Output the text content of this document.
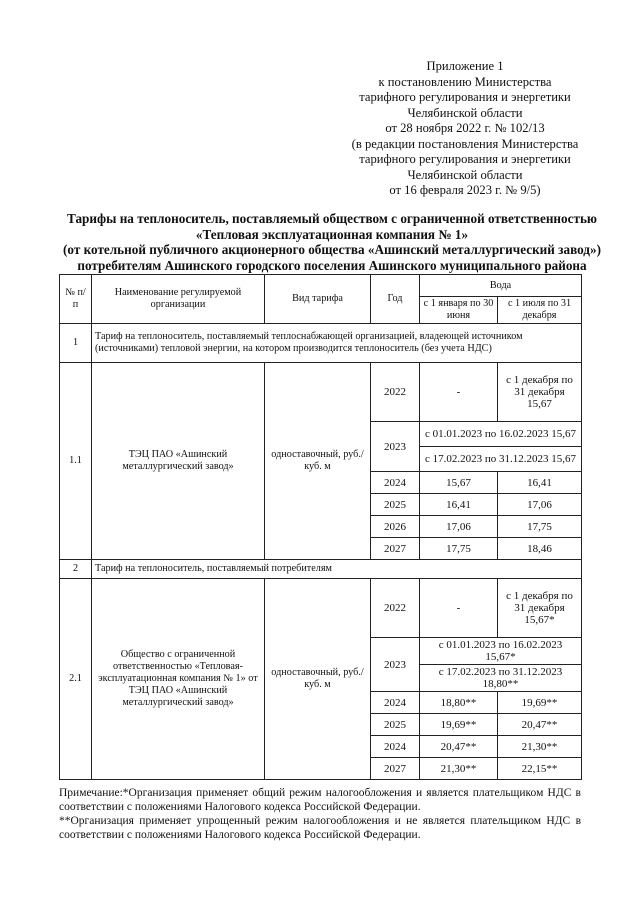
Приложение 1
к постановлению Министерства
тарифного регулирования и энергетики
Челябинской области
от 28 ноября 2022 г. № 102/13
(в редакции постановления Министерства
тарифного регулирования и энергетики
Челябинской области
от 16 февраля 2023 г. № 9/5)
Тарифы на теплоноситель, поставляемый обществом с ограниченной ответственностью
«Тепловая эксплуатационная компания № 1»
(от котельной публичного акционерного общества «Ашинский металлургический завод»)
потребителям Ашинского городского поселения Ашинского муниципального района
№ п/п	Наименование регулируемой организации	Вид тарифа	Год	Вода	
				с 1 января по 30 июня	с 1 июля по 31 декабря
1	Тариф на теплоноситель, поставляемый теплоснабжающей организацией, владеющей источником (источниками) тепловой энергии, на котором производится теплоноситель (без учета НДС)				
1.1	ТЭЦ ПАО «Ашинский металлургический завод»	одноставочный, руб./куб. м	2022	-	с 1 декабря по 31 декабря 15,67
			2023	с 01.01.2023 по 16.02.2023 15,67	
				с 17.02.2023 по 31.12.2023 15,67	
			2024	15,67	16,41
			2025	16,41	17,06
			2026	17,06	17,75
			2027	17,75	18,46
2	Тариф на теплоноситель, поставляемый потребителям				
2.1	Общество с ограниченной ответственностью «Тепловая-эксплуатационная компания № 1» от ТЭЦ ПАО «Ашинский металлургический завод»	одноставочный, руб./куб. м	2022	-	с 1 декабря по 31 декабря 15,67*
			2023	с 01.01.2023 по 16.02.2023 15,67*	
				с 17.02.2023 по 31.12.2023 18,80**	
			2024	18,80**	19,69**
			2025	19,69**	20,47**
			2024	20,47**	21,30**
			2027	21,30**	22,15**

Примечание:*Организация применяет общий режим налогообложения и является плательщиком НДС в соответствии с положениями Налогового кодекса Российской Федерации.

**Организация применяет упрощенный режим налогообложения и не является плательщиком НДС в соответствии с положениями Налогового кодекса Российской Федерации.
